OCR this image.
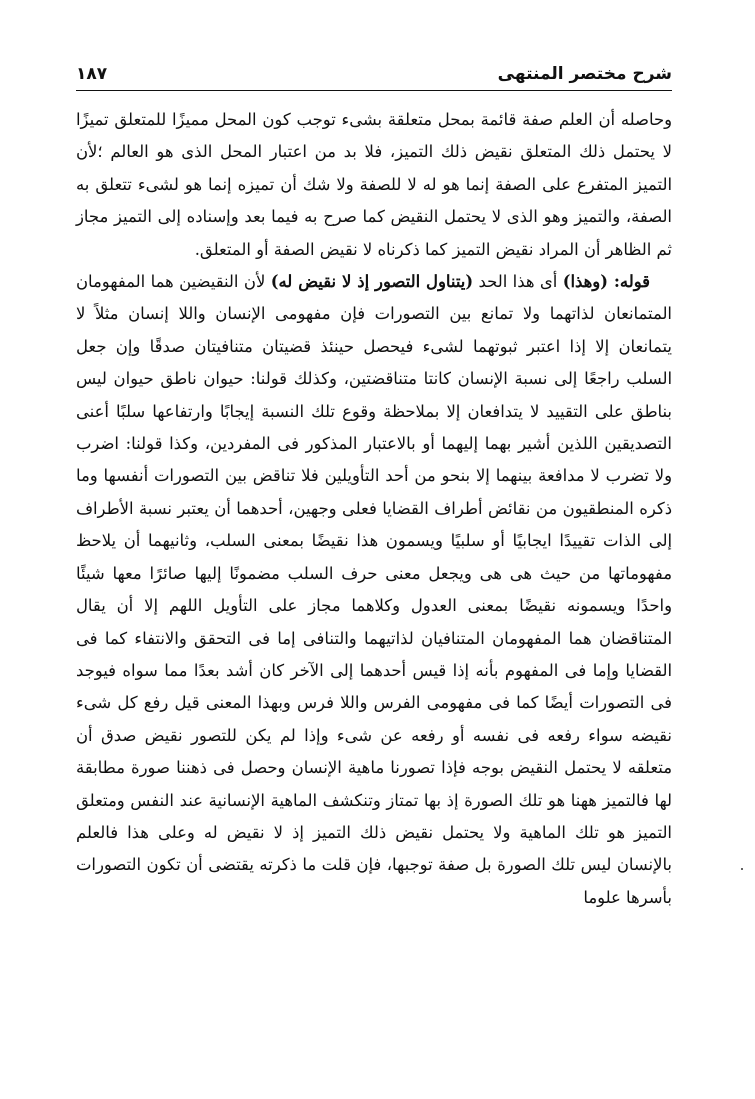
شرح مختصر المنتهى
١٨٧

وحاصله أن العلم صفة قائمة بمحل متعلقة بشىء توجب كون المحل مميزًا للمتعلق تميزًا لا يحتمل ذلك المتعلق نقيض ذلك التميز، فلا بد من اعتبار المحل الذى هو العالم ؛لأن التميز المتفرع على الصفة إنما هو له لا للصفة ولا شك أن تميزه إنما هو لشىء تتعلق به الصفة، والتميز وهو الذى لا يحتمل النقيض كما صرح به فيما بعد وإسناده إلى التميز مجاز ثم الظاهر أن المراد نقيض التميز كما ذكرناه لا نقيض الصفة أو المتعلق.

قوله: (وهذا) أى هذا الحد (يتناول التصور إذ لا نقيض له) لأن النقيضين هما المفهومان المتمانعان لذاتهما ولا تمانع بين التصورات فإن مفهومى الإنسان واللا إنسان مثلاً لا يتمانعان إلا إذا اعتبر ثبوتهما لشىء فيحصل حينئذ قضيتان متنافيتان صدقًا وإن جعل السلب راجعًا إلى نسبة الإنسان كانتا متناقضتين، وكذلك قولنا: حيوان ناطق حيوان ليس بناطق على التقييد لا يتدافعان إلا بملاحظة وقوع تلك النسبة إيجابًا وارتفاعها سلبًا أعنى التصديقين اللذين أشير بهما إليهما أو بالاعتبار المذكور فى المفردين، وكذا قولنا: اضرب ولا تضرب لا مدافعة بينهما إلا بنحو من أحد التأويلين فلا تناقض بين التصورات أنفسها وما ذكره المنطقيون من نقائض أطراف القضايا فعلى وجهين، أحدهما أن يعتبر نسبة الأطراف إلى الذات تقييدًا ايجابيًا أو سلبيًا ويسمون هذا نقيضًا بمعنى السلب، وثانيهما أن يلاحظ مفهوماتها من حيث هى هى ويجعل معنى حرف السلب مضمونًا إليها صائرًا معها شيئًا واحدًا ويسمونه نقيضًا بمعنى العدول وكلاهما مجاز على التأويل اللهم إلا أن يقال المتناقضان هما المفهومان المتنافيان لذاتيهما والتنافى إما فى التحقق والانتفاء كما فى القضايا وإما فى المفهوم بأنه إذا قيس أحدهما إلى الآخر كان أشد بعدًا مما سواه فيوجد فى التصورات أيضًا كما فى مفهومى الفرس واللا فرس وبهذا المعنى قيل رفع كل شىء نقيضه سواء رفعه فى نفسه أو رفعه عن شىء وإذا لم يكن للتصور نقيض صدق أن متعلقه لا يحتمل النقيض بوجه فإذا تصورنا ماهية الإنسان وحصل فى ذهننا صورة مطابقة لها فالتميز ههنا هو تلك الصورة إذ بها تمتاز وتنكشف الماهية الإنسانية عند النفس ومتعلق التميز هو تلك الماهية ولا يحتمل نقيض ذلك التميز إذ لا نقيض له وعلى هذا فالعلم بالإنسان ليس تلك الصورة بل صفة توجبها، فإن قلت ما ذكرته يقتضى أن تكون التصورات بأسرها علوما
